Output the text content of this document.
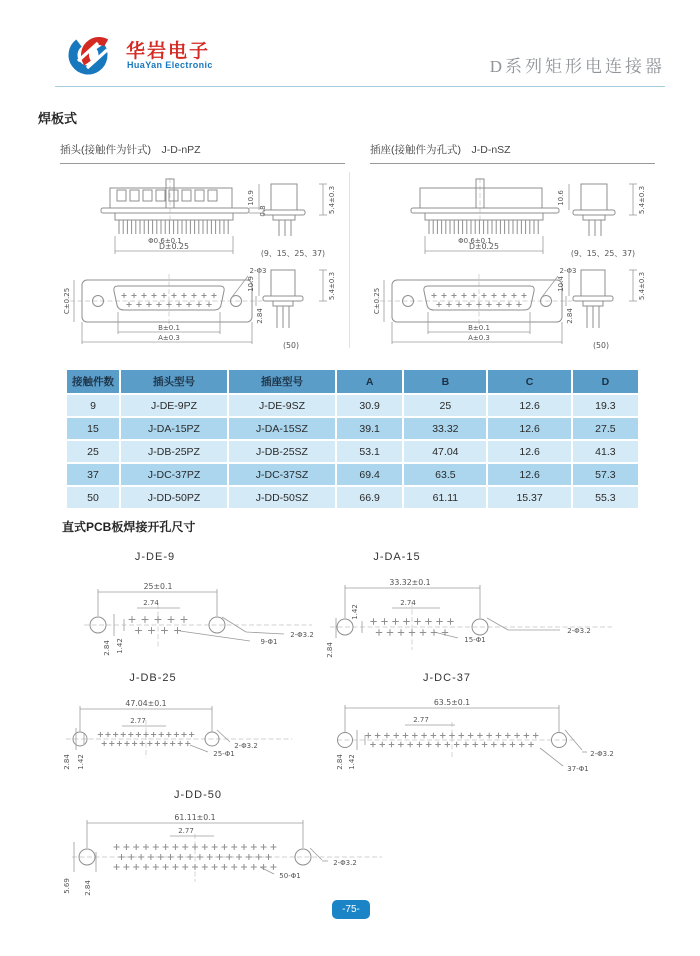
华岩电子
HuaYan Electronic	D系列矩形电连接器
焊板式
插头(接触件为针式)　J-D-nPZ	插座(接触件为孔式)　J-D-nSZ
Φ0.6±0.1
D±0.25
0.8
10.9	5.4±0.3
(9、15、25、37)
C±0.25
B±0.1
A±0.3
2.84
2-Φ3
10.9	5.4±0.3
(50)
Φ0.6±0.1
D±0.25
10.6	5.4±0.3
(9、15、25、37)
C±0.25
B±0.1
A±0.3
2.84
2-Φ3
10.4	5.4±0.3
(50)
接触件数	插头型号	插座型号	A	B	C	D
9	J-DE-9PZ	J-DE-9SZ	30.9	25	12.6	19.3
15	J-DA-15PZ	J-DA-15SZ	39.1	33.32	12.6	27.5
25	J-DB-25PZ	J-DB-25SZ	53.1	47.04	12.6	41.3
37	J-DC-37PZ	J-DC-37SZ	69.4	63.5	12.6	57.3
50	J-DD-50PZ	J-DD-50SZ	66.9	61.11	15.37	55.3
直式PCB板焊接开孔尺寸
J-DE-9	J-DA-15
J-DB-25	J-DC-37
J-DD-50
25±0.1
2.74
2.84 1.42	9-Φ1
2-Φ3.2
33.32±0.1
2.74
1.42
2.84
15-Φ1
2-Φ3.2
47.04±0.1
2.77
2.84 1.42
25-Φ1
2-Φ3.2
63.5±0.1
2.77
2.84 1.42	37-Φ1
2-Φ3.2
61.11±0.1
2.77
5.69 2.84
50-Φ1
2-Φ3.2
-75-
